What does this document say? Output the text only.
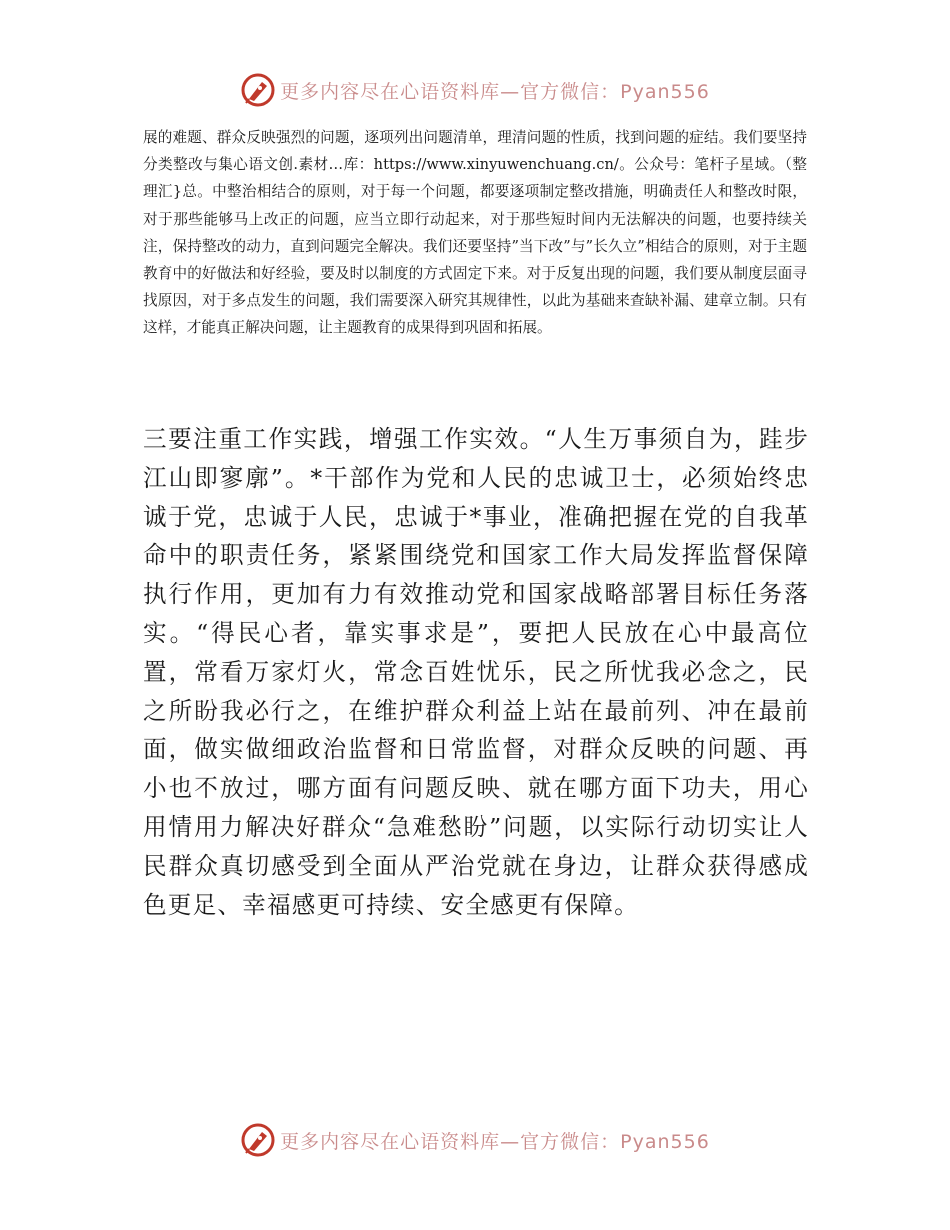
更多内容尽在心语资料库—官方微信：Pyan556

展的难题、群众反映强烈的问题，逐项列出问题清单，理清问题的性质，找到问题的症结。我们要坚持分类整改与集心语文创.素材…库：https://www.xinyuwenchuang.cn/。公众号：笔杆子星域。（整理汇}总。中整治相结合的原则，对于每一个问题，都要逐项制定整改措施，明确责任人和整改时限，对于那些能够马上改正的问题，应当立即行动起来，对于那些短时间内无法解决的问题，也要持续关注，保持整改的动力，直到问题完全解决。我们还要坚持”当下改”与”长久立”相结合的原则，对于主题教育中的好做法和好经验，要及时以制度的方式固定下来。对于反复出现的问题，我们要从制度层面寻找原因，对于多点发生的问题，我们需要深入研究其规律性，以此为基础来查缺补漏、建章立制。只有这样，才能真正解决问题，让主题教育的成果得到巩固和拓展。

三要注重工作实践，增强工作实效。“人生万事须自为，跬步江山即寥廓”。*干部作为党和人民的忠诚卫士，必须始终忠诚于党，忠诚于人民，忠诚于*事业，准确把握在党的自我革命中的职责任务，紧紧围绕党和国家工作大局发挥监督保障执行作用，更加有力有效推动党和国家战略部署目标任务落实。“得民心者，靠实事求是”，要把人民放在心中最高位置，常看万家灯火，常念百姓忧乐，民之所忧我必念之，民之所盼我必行之，在维护群众利益上站在最前列、冲在最前面，做实做细政治监督和日常监督，对群众反映的问题、再小也不放过，哪方面有问题反映、就在哪方面下功夫，用心用情用力解决好群众“急难愁盼”问题，以实际行动切实让人民群众真切感受到全面从严治党就在身边，让群众获得感成色更足、幸福感更可持续、安全感更有保障。

更多内容尽在心语资料库—官方微信：Pyan556
